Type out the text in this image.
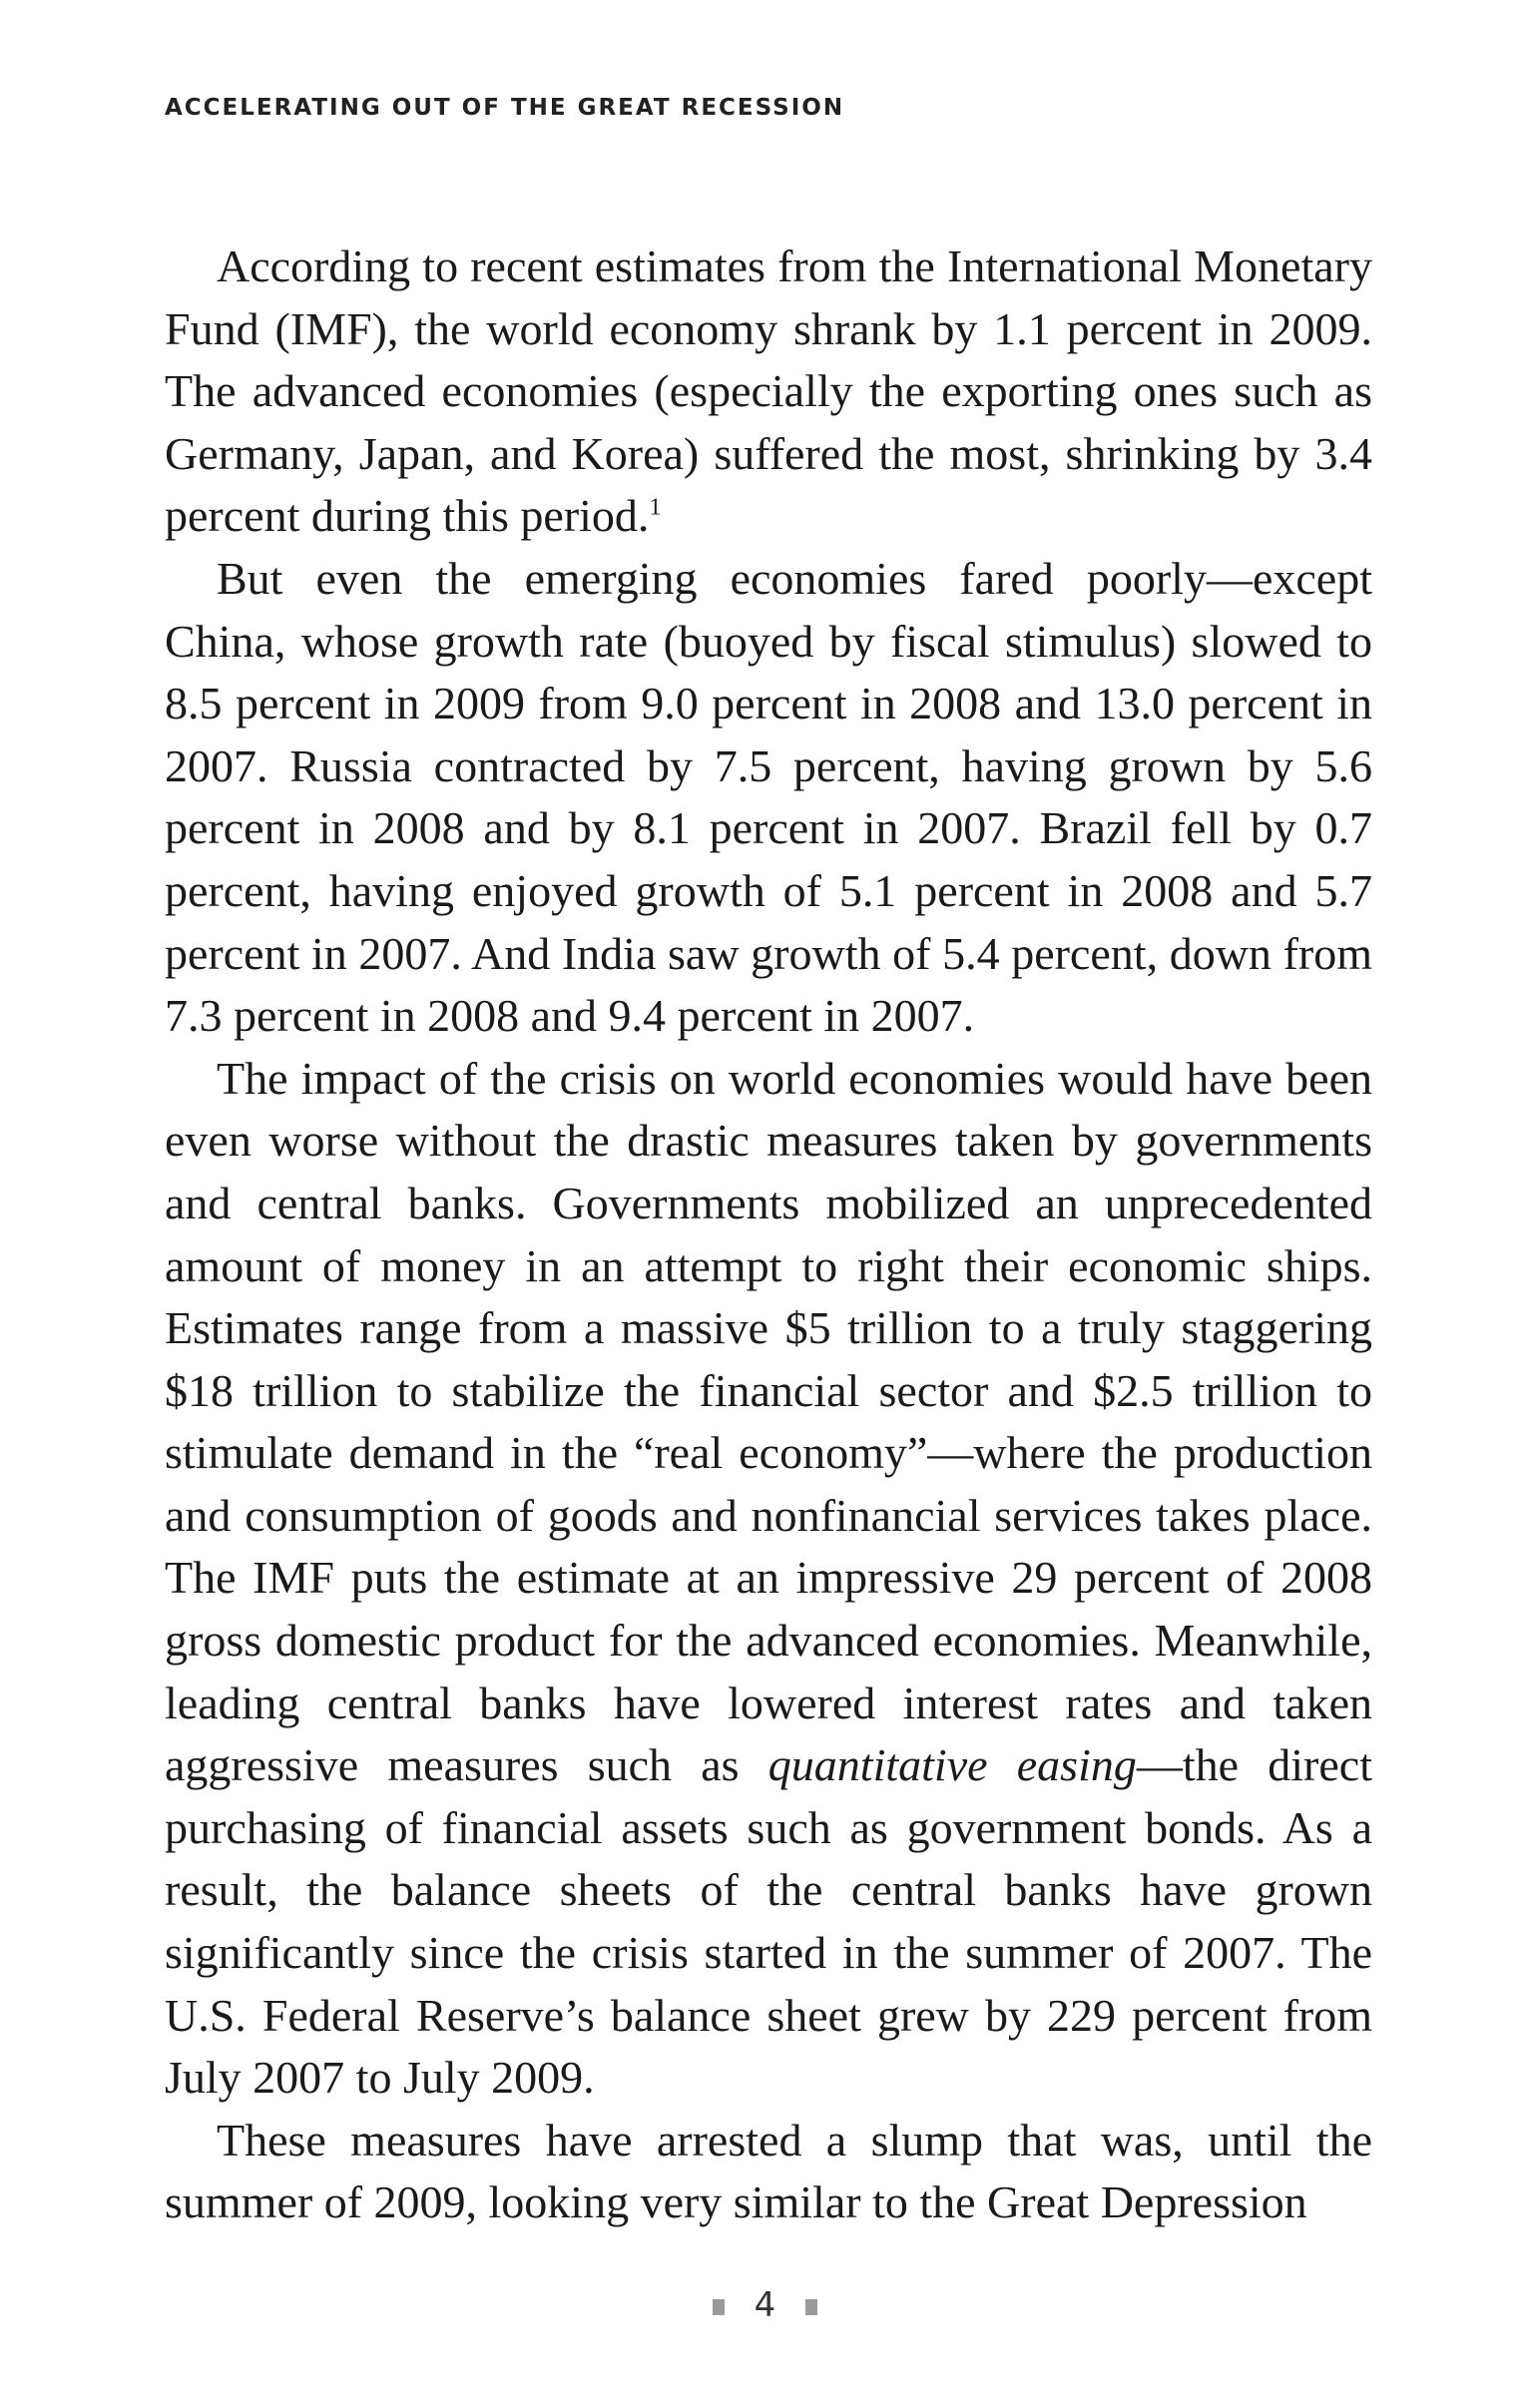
ACCELERATING OUT OF THE GREAT RECESSION

According to recent estimates from the International Monetary Fund (IMF), the world economy shrank by 1.1 percent in 2009. The advanced economies (especially the exporting ones such as Germany, Japan, and Korea) suffered the most, shrinking by 3.4 percent during this period.$^1$

But even the emerging economies fared poorly—except China, whose growth rate (buoyed by fiscal stimulus) slowed to 8.5 percent in 2009 from 9.0 percent in 2008 and 13.0 percent in 2007. Russia contracted by 7.5 percent, having grown by 5.6 percent in 2008 and by 8.1 percent in 2007. Brazil fell by 0.7 percent, having enjoyed growth of 5.1 percent in 2008 and 5.7 percent in 2007. And India saw growth of 5.4 percent, down from 7.3 percent in 2008 and 9.4 percent in 2007.

The impact of the crisis on world economies would have been even worse without the drastic measures taken by governments and central banks. Governments mobilized an unprecedented amount of money in an attempt to right their economic ships. Estimates range from a massive $5 trillion to a truly staggering $18 trillion to stabilize the financial sector and $2.5 trillion to stimulate demand in the “real economy”—where the production and consumption of goods and nonfinancial services takes place. The IMF puts the estimate at an impressive 29 percent of 2008 gross domestic product for the advanced economies. Meanwhile, leading central banks have lowered interest rates and taken aggressive measures such as quantitative easing—the direct purchasing of financial assets such as government bonds. As a result, the balance sheets of the central banks have grown significantly since the crisis started in the summer of 2007. The U.S. Federal Reserve’s balance sheet grew by 229 percent from July 2007 to July 2009.

These measures have arrested a slump that was, until the summer of 2009, looking very similar to the Great Depression

4
